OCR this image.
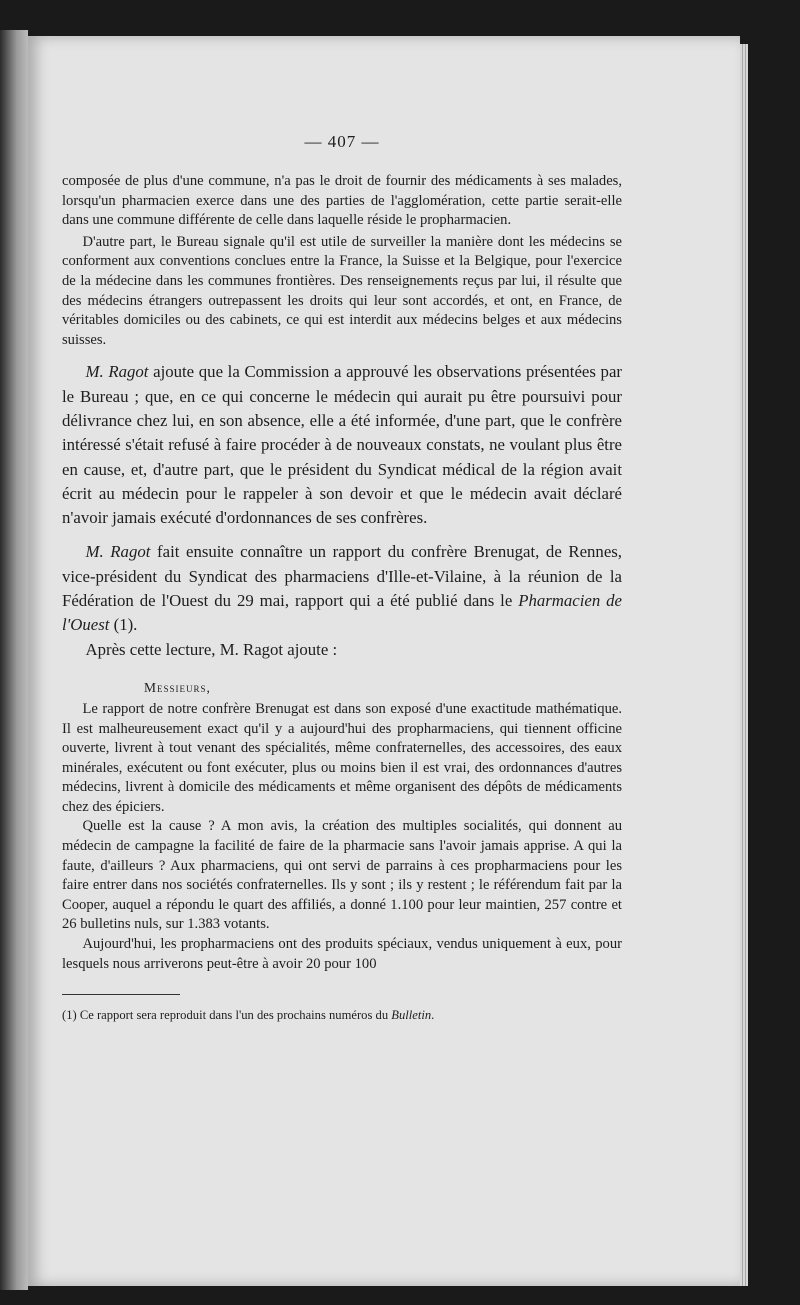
— 407 —

composée de plus d'une commune, n'a pas le droit de fournir des médicaments à ses malades, lorsqu'un pharmacien exerce dans une des parties de l'agglomération, cette partie serait-elle dans une commune différente de celle dans laquelle réside le propharmacien.

D'autre part, le Bureau signale qu'il est utile de surveiller la manière dont les médecins se conforment aux conventions conclues entre la France, la Suisse et la Belgique, pour l'exercice de la médecine dans les communes frontières. Des renseignements reçus par lui, il résulte que des médecins étrangers outrepassent les droits qui leur sont accordés, et ont, en France, de véritables domiciles ou des cabinets, ce qui est interdit aux médecins belges et aux médecins suisses.

M. Ragot ajoute que la Commission a approuvé les observations présentées par le Bureau ; que, en ce qui concerne le médecin qui aurait pu être poursuivi pour délivrance chez lui, en son absence, elle a été informée, d'une part, que le confrère intéressé s'était refusé à faire procéder à de nouveaux constats, ne voulant plus être en cause, et, d'autre part, que le président du Syndicat médical de la région avait écrit au médecin pour le rappeler à son devoir et que le médecin avait déclaré n'avoir jamais exécuté d'ordonnances de ses confrères.

M. Ragot fait ensuite connaître un rapport du confrère Brenugat, de Rennes, vice-président du Syndicat des pharmaciens d'Ille-et-Vilaine, à la réunion de la Fédération de l'Ouest du 29 mai, rapport qui a été publié dans le Pharmacien de l'Ouest (1).

Après cette lecture, M. Ragot ajoute :

Messieurs,

Le rapport de notre confrère Brenugat est dans son exposé d'une exactitude mathématique. Il est malheureusement exact qu'il y a aujourd'hui des propharmaciens, qui tiennent officine ouverte, livrent à tout venant des spécialités, même confraternelles, des accessoires, des eaux minérales, exécutent ou font exécuter, plus ou moins bien il est vrai, des ordonnances d'autres médecins, livrent à domicile des médicaments et même organisent des dépôts de médicaments chez des épiciers.

Quelle est la cause ? A mon avis, la création des multiples socialités, qui donnent au médecin de campagne la facilité de faire de la pharmacie sans l'avoir jamais apprise. A qui la faute, d'ailleurs ? Aux pharmaciens, qui ont servi de parrains à ces propharmaciens pour les faire entrer dans nos sociétés confraternelles. Ils y sont ; ils y restent ; le référendum fait par la Cooper, auquel a répondu le quart des affiliés, a donné 1.100 pour leur maintien, 257 contre et 26 bulletins nuls, sur 1.383 votants.

Aujourd'hui, les propharmaciens ont des produits spéciaux, vendus uniquement à eux, pour lesquels nous arriverons peut-être à avoir 20 pour 100

(1) Ce rapport sera reproduit dans l'un des prochains numéros du Bulletin.
